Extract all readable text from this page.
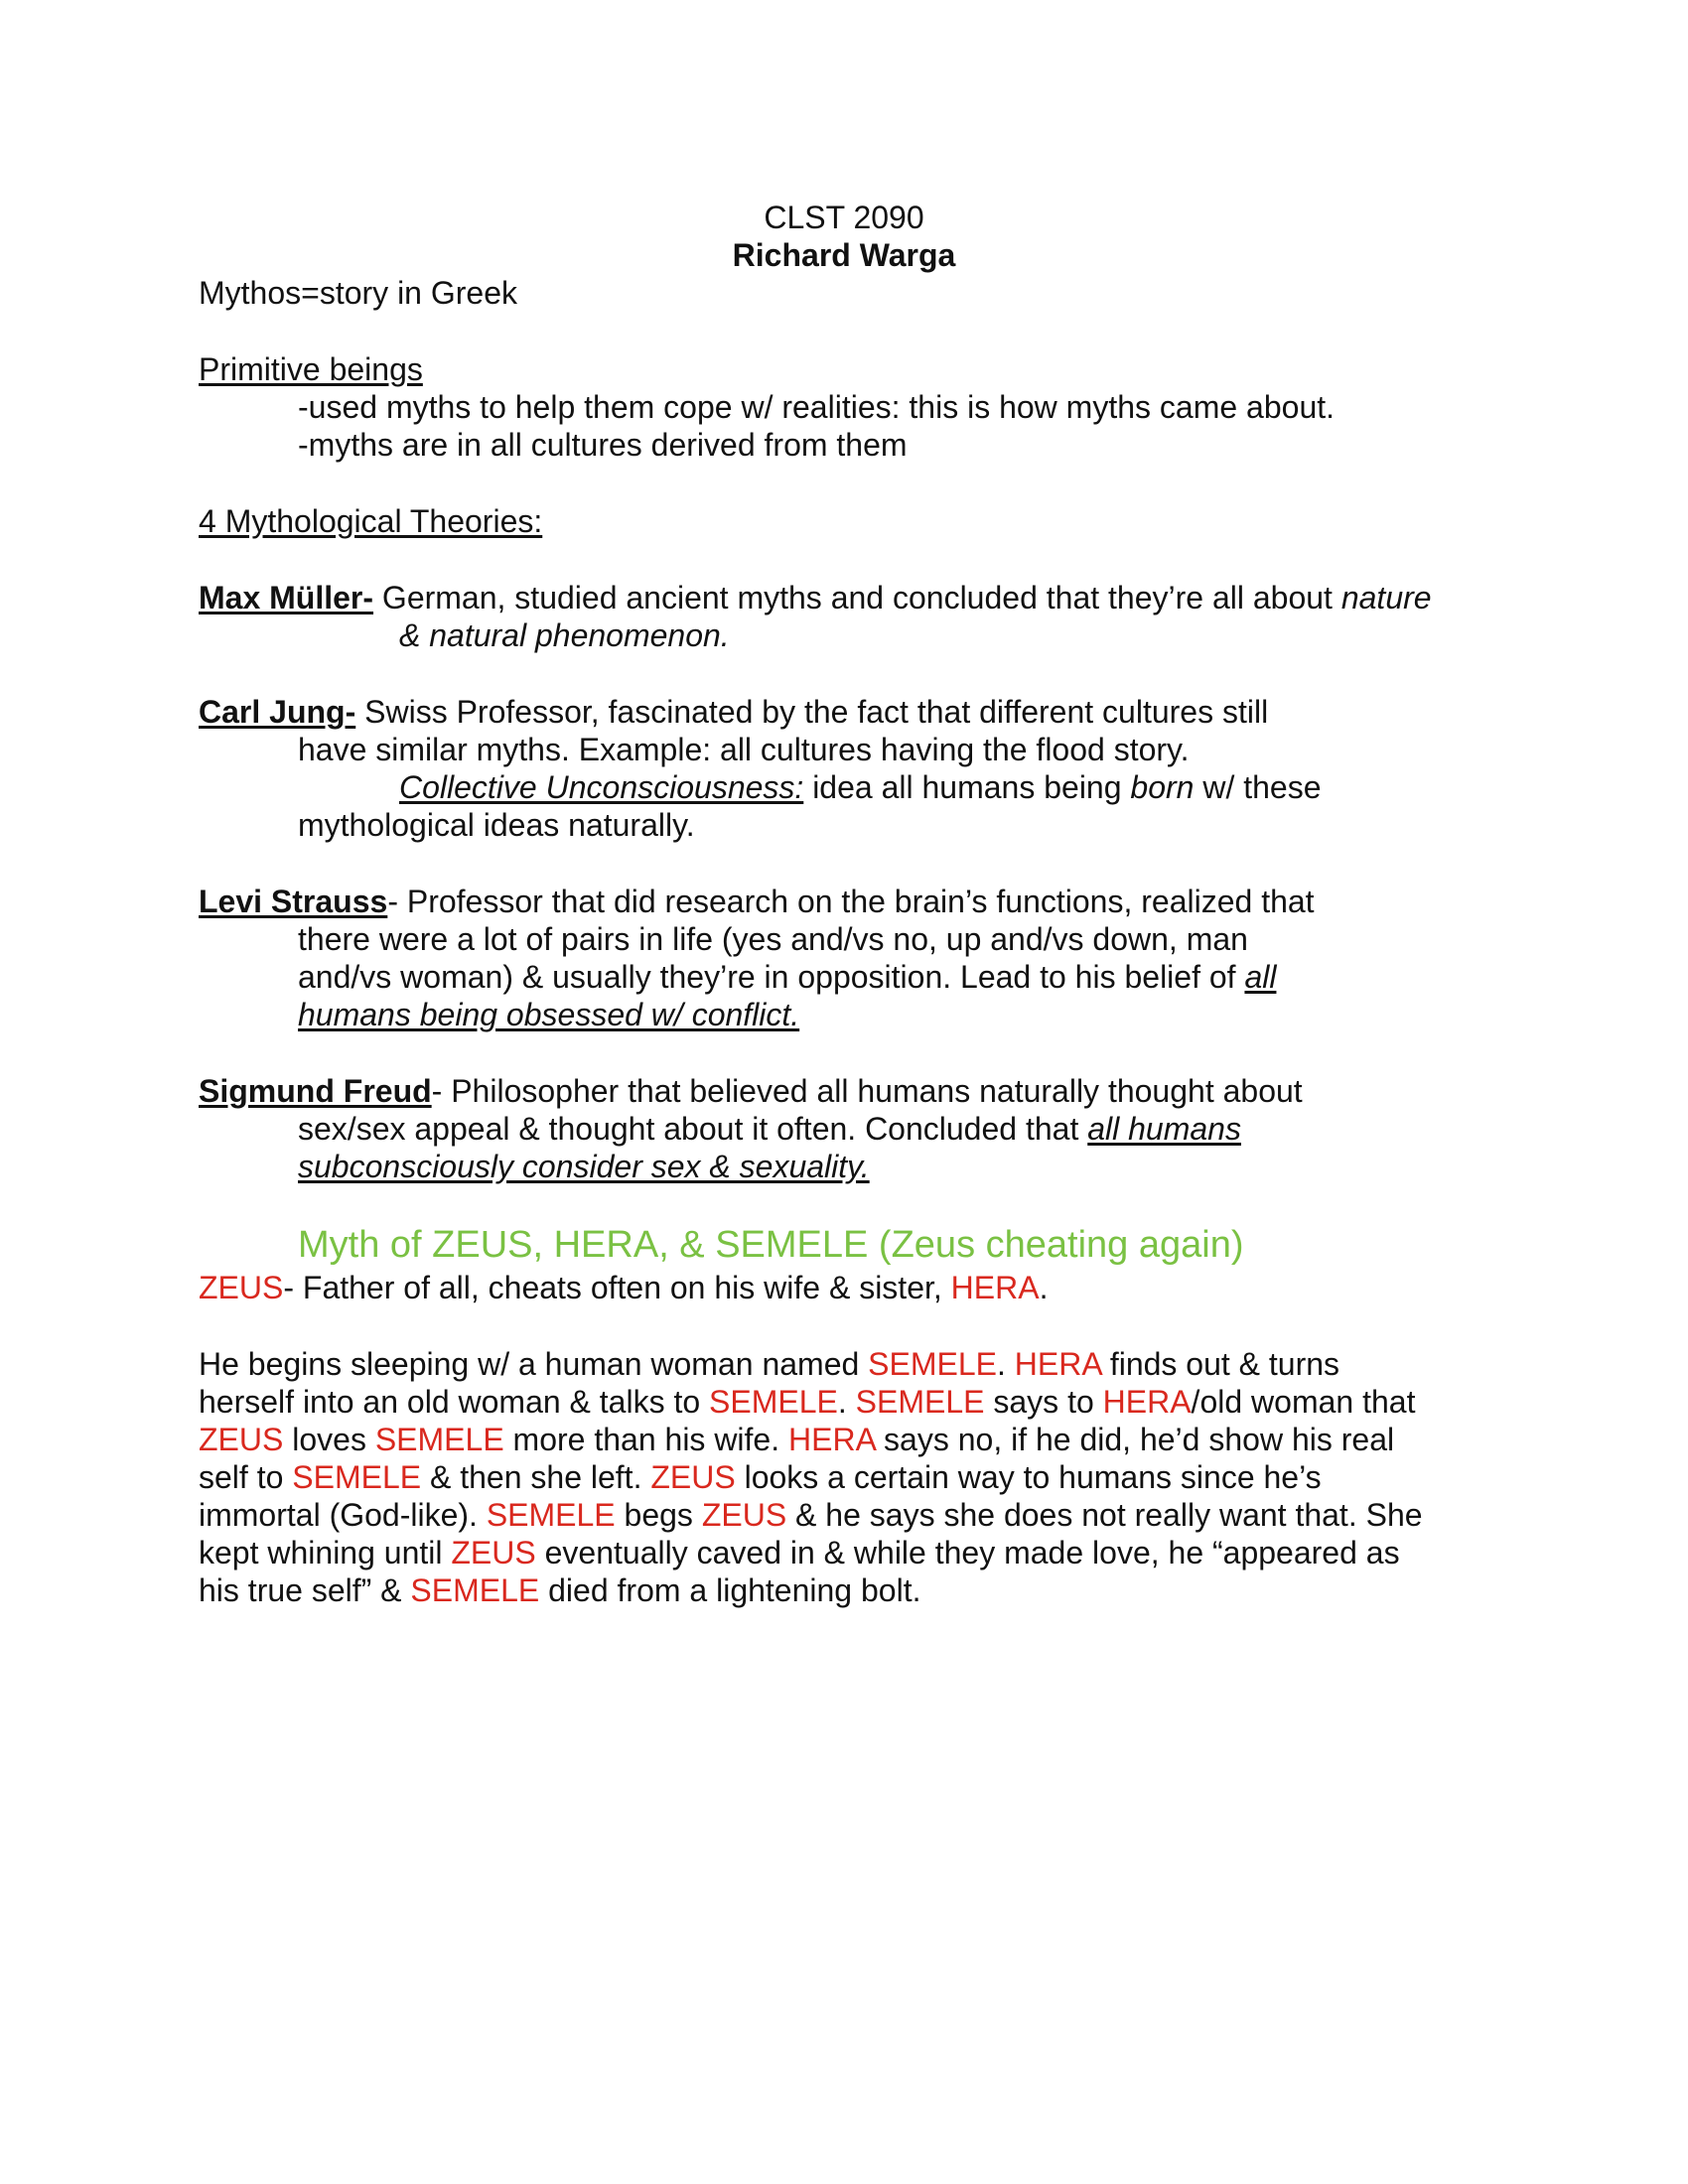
CLST 2090
Richard Warga
Mythos=story in Greek
Primitive beings
-used myths to help them cope w/ realities: this is how myths came about.
-myths are in all cultures derived from them
4 Mythological Theories:
Max Müller- German, studied ancient myths and concluded that they’re all about nature
& natural phenomenon.
Carl Jung- Swiss Professor, fascinated by the fact that different cultures still
have similar myths. Example: all cultures having the flood story.
Collective Unconsciousness: idea all humans being born w/ these
mythological ideas naturally.
Levi Strauss- Professor that did research on the brain’s functions, realized that
there were a lot of pairs in life (yes and/vs no, up and/vs down, man
and/vs woman) & usually they’re in opposition. Lead to his belief of all
humans being obsessed w/ conflict.
Sigmund Freud- Philosopher that believed all humans naturally thought about
sex/sex appeal & thought about it often. Concluded that all humans
subconsciously consider sex & sexuality.
Myth of ZEUS, HERA, & SEMELE (Zeus cheating again)
ZEUS- Father of all, cheats often on his wife & sister, HERA.
He begins sleeping w/ a human woman named SEMELE. HERA finds out & turns
herself into an old woman & talks to SEMELE. SEMELE says to HERA/old woman that
ZEUS loves SEMELE more than his wife. HERA says no, if he did, he’d show his real
self to SEMELE & then she left. ZEUS looks a certain way to humans since he’s
immortal (God-like). SEMELE begs ZEUS & he says she does not really want that. She
kept whining until ZEUS eventually caved in & while they made love, he “appeared as
his true self” & SEMELE died from a lightening bolt.
